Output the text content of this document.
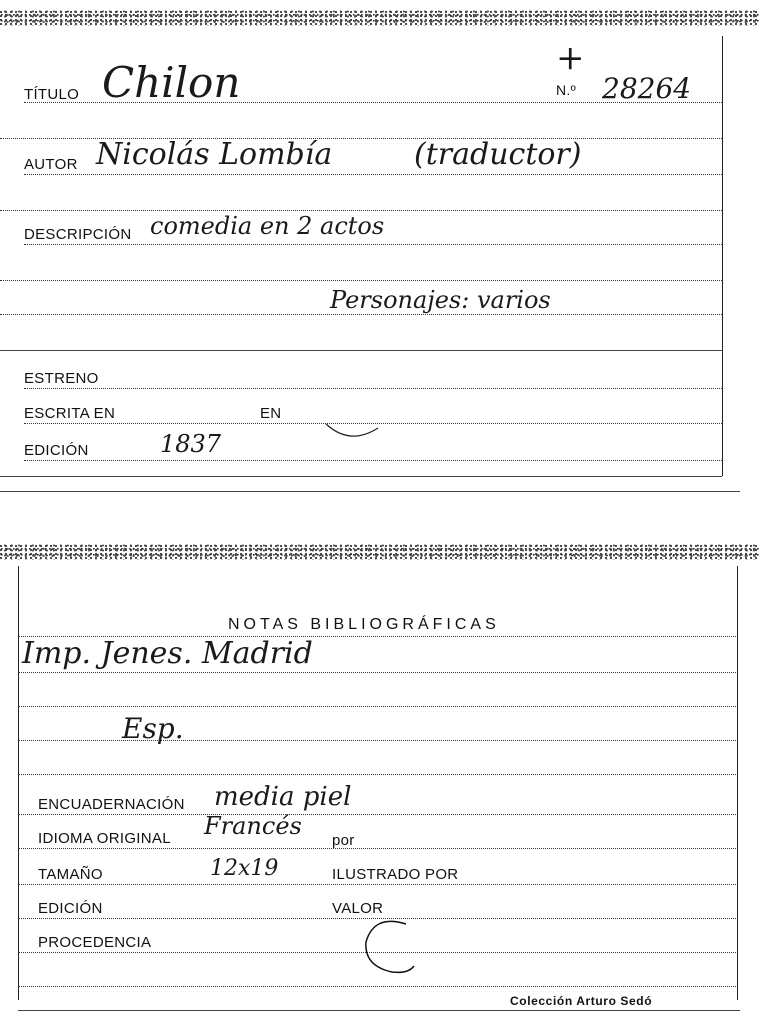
TÍTULO Chilon	+
N.º 28264
AUTOR Nicolás Lombía	(traductor)
DESCRIPCIÓN comedia en 2 actos
Personajes: varios
ESTRENO
ESCRITA EN	EN
EDICIÓN	1837
NOTAS BIBLIOGRÁFICAS
Imp. Jenes. Madrid
Esp.
ENCUADERNACIÓN media piel
IDIOMA ORIGINAL Francés
por
TAMAÑO	12x19	ILUSTRADO POR
EDICIÓN	VALOR
PROCEDENCIA
Colección Arturo Sedó
